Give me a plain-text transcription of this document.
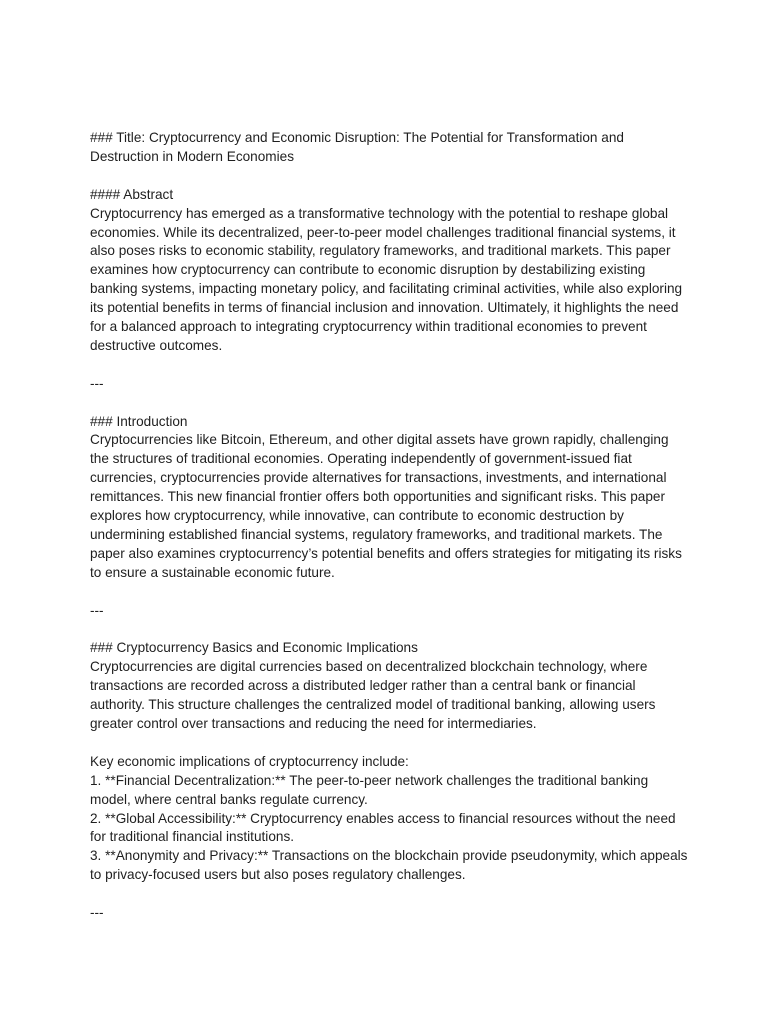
### Title: Cryptocurrency and Economic Disruption: The Potential for Transformation and Destruction in Modern Economies

#### Abstract

Cryptocurrency has emerged as a transformative technology with the potential to reshape global economies. While its decentralized, peer-to-peer model challenges traditional financial systems, it also poses risks to economic stability, regulatory frameworks, and traditional markets. This paper examines how cryptocurrency can contribute to economic disruption by destabilizing existing banking systems, impacting monetary policy, and facilitating criminal activities, while also exploring its potential benefits in terms of financial inclusion and innovation. Ultimately, it highlights the need for a balanced approach to integrating cryptocurrency within traditional economies to prevent destructive outcomes.

---

### Introduction

Cryptocurrencies like Bitcoin, Ethereum, and other digital assets have grown rapidly, challenging the structures of traditional economies. Operating independently of government-issued fiat currencies, cryptocurrencies provide alternatives for transactions, investments, and international remittances. This new financial frontier offers both opportunities and significant risks. This paper explores how cryptocurrency, while innovative, can contribute to economic destruction by undermining established financial systems, regulatory frameworks, and traditional markets. The paper also examines cryptocurrency’s potential benefits and offers strategies for mitigating its risks to ensure a sustainable economic future.

---

### Cryptocurrency Basics and Economic Implications

Cryptocurrencies are digital currencies based on decentralized blockchain technology, where transactions are recorded across a distributed ledger rather than a central bank or financial authority. This structure challenges the centralized model of traditional banking, allowing users greater control over transactions and reducing the need for intermediaries.

Key economic implications of cryptocurrency include:

1. **Financial Decentralization:** The peer-to-peer network challenges the traditional banking model, where central banks regulate currency.

2. **Global Accessibility:** Cryptocurrency enables access to financial resources without the need for traditional financial institutions.

3. **Anonymity and Privacy:** Transactions on the blockchain provide pseudonymity, which appeals to privacy-focused users but also poses regulatory challenges.

---
